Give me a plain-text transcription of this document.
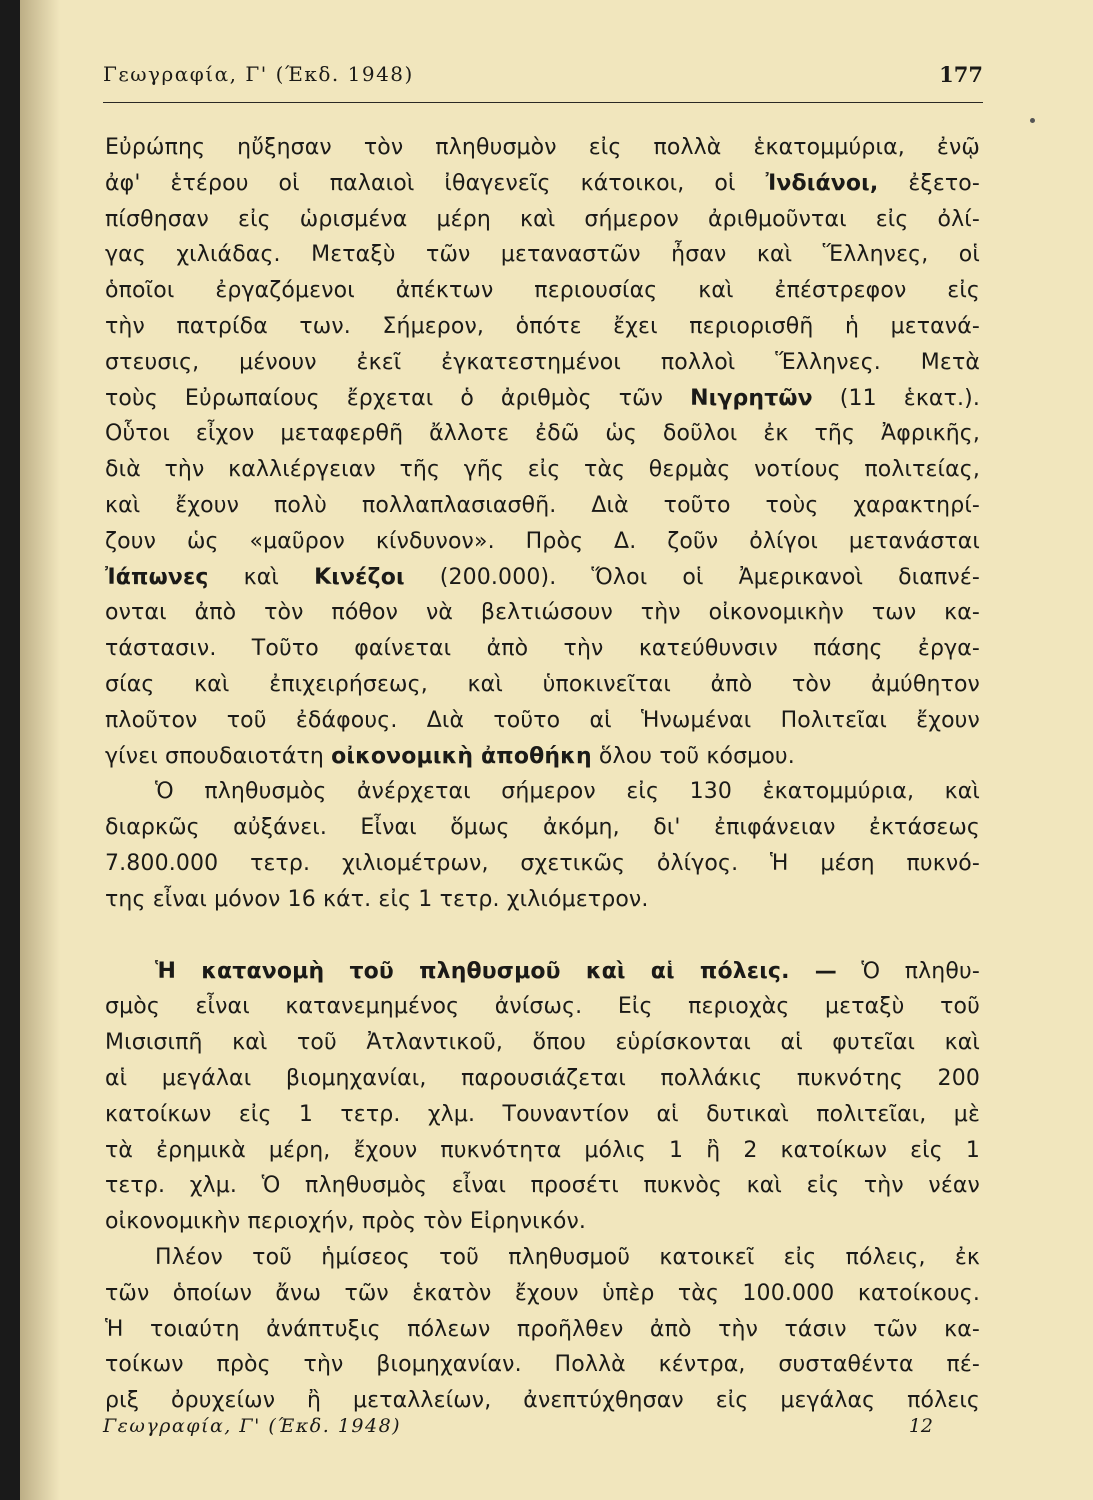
Γεωγραφία, Γ' (Έκδ. 1948)	177
Εὐρώπης ηὔξησαν τὸν πληθυσμὸν εἰς πολλὰ ἑκατομμύρια, ἐνῷ
ἀφ' ἑτέρου οἱ παλαιοὶ ἰθαγενεῖς κάτοικοι, οἱ Ἰνδιάνοι, ἐξετο-
πίσθησαν εἰς ὡρισμένα μέρη καὶ σήμερον ἀριθμοῦνται εἰς ὀλί-
γας χιλιάδας. Μεταξὺ τῶν μεταναστῶν ἦσαν καὶ Ἕλληνες, οἱ
ὁποῖοι ἐργαζόμενοι ἀπέκτων περιουσίας καὶ ἐπέστρεφον εἰς
τὴν πατρίδα των. Σήμερον, ὁπότε ἔχει περιορισθῆ ἡ μετανά-
στευσις, μένουν ἐκεῖ ἐγκατεστημένοι πολλοὶ Ἕλληνες. Μετὰ
τοὺς Εὐρωπαίους ἔρχεται ὁ ἀριθμὸς τῶν Νιγρητῶν (11 ἑκατ.).
Οὗτοι εἶχον μεταφερθῆ ἄλλοτε ἐδῶ ὡς δοῦλοι ἐκ τῆς Ἀφρικῆς,
διὰ τὴν καλλιέργειαν τῆς γῆς εἰς τὰς θερμὰς νοτίους πολιτείας,
καὶ ἔχουν πολὺ πολλαπλασιασθῆ. Διὰ τοῦτο τοὺς χαρακτηρί-
ζουν ὡς «μαῦρον κίνδυνον». Πρὸς Δ. ζοῦν ὀλίγοι μετανάσται
Ἰάπωνες καὶ Κινέζοι (200.000). Ὅλοι οἱ Ἀμερικανοὶ διαπνέ-
ονται ἀπὸ τὸν πόθον νὰ βελτιώσουν τὴν οἰκονομικὴν των κα-
τάστασιν. Τοῦτο φαίνεται ἀπὸ τὴν κατεύθυνσιν πάσης ἐργα-
σίας καὶ ἐπιχειρήσεως, καὶ ὑποκινεῖται ἀπὸ τὸν ἀμύθητον
πλοῦτον τοῦ ἐδάφους. Διὰ τοῦτο αἱ Ἡνωμέναι Πολιτεῖαι ἔχουν
γίνει σπουδαιοτάτη οἰκονομικὴ ἀποθήκη ὅλου τοῦ κόσμου.
Ὁ πληθυσμὸς ἀνέρχεται σήμερον εἰς 130 ἑκατομμύρια, καὶ
διαρκῶς αὐξάνει. Εἶναι ὅμως ἀκόμη, δι' ἐπιφάνειαν ἐκτάσεως
7.800.000 τετρ. χιλιομέτρων, σχετικῶς ὀλίγος. Ἡ μέση πυκνό-
της εἶναι μόνον 16 κάτ. εἰς 1 τετρ. χιλιόμετρον.
Ἡ κατανομὴ τοῦ πληθυσμοῦ καὶ αἱ πόλεις. — Ὁ πληθυ-
σμὸς εἶναι κατανεμημένος ἀνίσως. Εἰς περιοχὰς μεταξὺ τοῦ
Μισισιπῆ καὶ τοῦ Ἀτλαντικοῦ, ὅπου εὑρίσκονται αἱ φυτεῖαι καὶ
αἱ μεγάλαι βιομηχανίαι, παρουσιάζεται πολλάκις πυκνότης 200
κατοίκων εἰς 1 τετρ. χλμ. Τουναντίον αἱ δυτικαὶ πολιτεῖαι, μὲ
τὰ ἐρημικὰ μέρη, ἔχουν πυκνότητα μόλις 1 ἢ 2 κατοίκων εἰς 1
τετρ. χλμ. Ὁ πληθυσμὸς εἶναι προσέτι πυκνὸς καὶ εἰς τὴν νέαν
οἰκονομικὴν περιοχήν, πρὸς τὸν Εἰρηνικόν.
Πλέον τοῦ ἡμίσεος τοῦ πληθυσμοῦ κατοικεῖ εἰς πόλεις, ἐκ
τῶν ὁποίων ἄνω τῶν ἑκατὸν ἔχουν ὑπὲρ τὰς 100.000 κατοίκους.
Ἡ τοιαύτη ἀνάπτυξις πόλεων προῆλθεν ἀπὸ τὴν τάσιν τῶν κα-
τοίκων πρὸς τὴν βιομηχανίαν. Πολλὰ κέντρα, συσταθέντα πέ-
ριξ ὀρυχείων ἢ μεταλλείων, ἀνεπτύχθησαν εἰς μεγάλας πόλεις
Γεωγραφία, Γ' (Έκδ. 1948)	12
